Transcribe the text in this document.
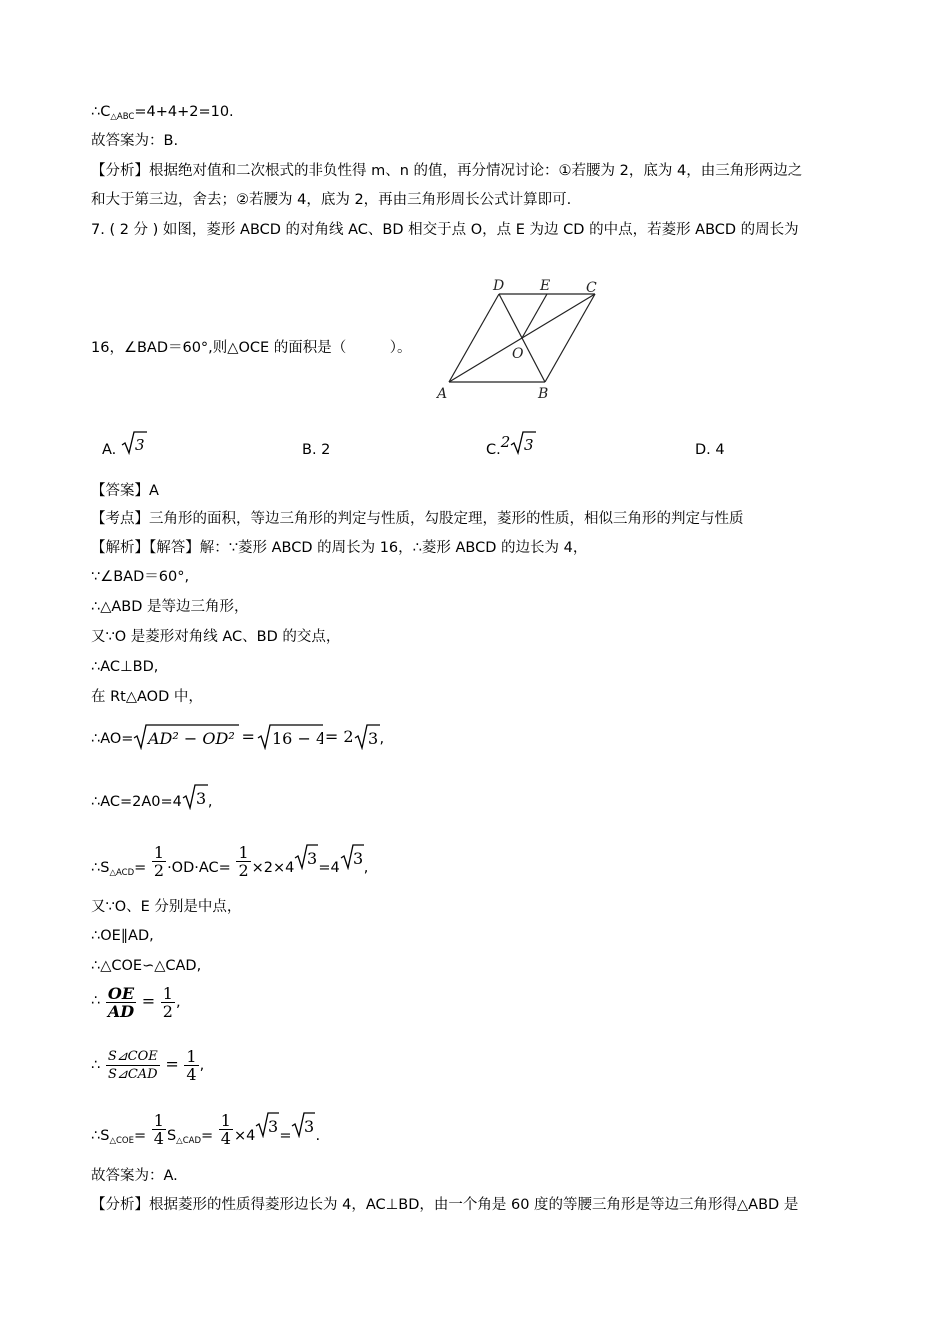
$\therefore C_{\triangle ABC}=4+4+2=10$.
故答案为：B.
【分析】根据绝对值和二次根式的非负性得 m、n 的值，再分情况讨论：①若腰为 2，底为 4，由三角形两边之
和大于第三边，舍去；②若腰为 4，底为 2，再由三角形周长公式计算即可.
7. ( 2 分 ) 如图，菱形 ABCD 的对角线 AC、BD 相交于点 O，点 E 为边 CD 的中点，若菱形 ABCD 的周长为
16，∠BAD＝60°,则△OCE 的面积是（　　　）。
D	E	C
O
A	B
A. 3	B. 2	C.2 3	D. 4
【答案】A
【考点】三角形的面积，等边三角形的判定与性质，勾股定理，菱形的性质，相似三角形的判定与性质
【解析】【解答】解：∵菱形 ABCD 的周长为 16，∴菱形 ABCD 的边长为 4，
∵∠BAD＝60°,
∴△ABD 是等边三角形，
又∵O 是菱形对角线 AC、BD 的交点，
∴AC⊥BD,
在 Rt△AOD 中，
∴AO= AD² − OD² = 16 − 4
= 2 3 ,
∴AC=2A0=4 3 ,
$\therefore S_{\triangle ACD}= \frac{1}{2} \cdot OD\cdot AC= \frac{1}{2} \times 2\times 4$ 3 =4 3 ,
又∵O、E 分别是中点，
∴OE∥AD,
∴△COE∽△CAD,
∴ $\frac{OE}{AD} = \frac{1}{2}$ ,
∴ $\frac{\text{S⊿COE}}{\text{S⊿CAD}} = \frac{1}{4}$ ,
$\therefore S_{\triangle COE}= \frac{1}{4} S_{\triangle CAD}= \frac{1}{4} \times 4$ 3 = 3 .
故答案为：A.
【分析】根据菱形的性质得菱形边长为 4，AC⊥BD，由一个角是 60 度的等腰三角形是等边三角形得△ABD 是
